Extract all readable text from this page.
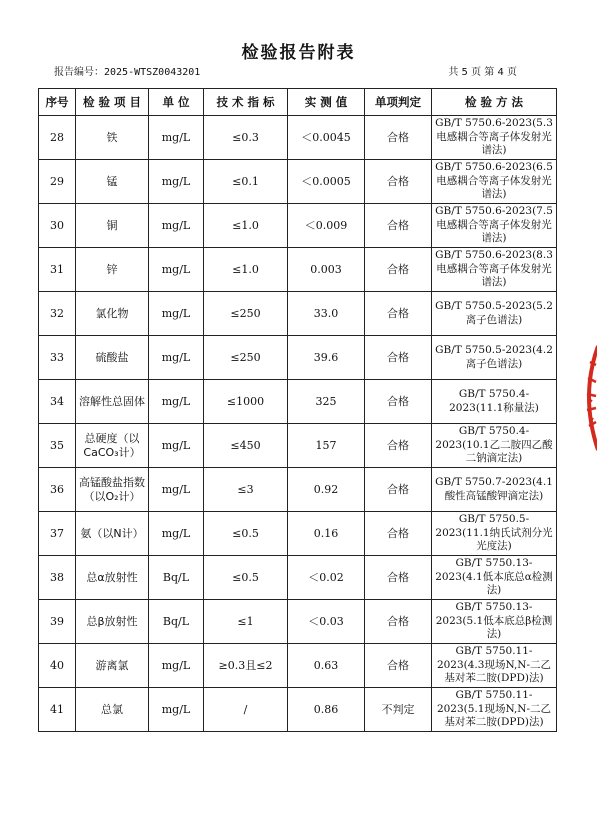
检验报告附表
报告编号：2025-WTSZ0043201	共 5 页 第 4 页
序号	检 验 项 目	单 位	技 术 指 标	实 测 值	单项判定	检 验 方 法
28	铁	mg/L	≤0.3	＜0.0045	合格	GB/T 5750.6-2023(5.3电感耦合等离子体发射光谱法)
29	锰	mg/L	≤0.1	＜0.0005	合格	GB/T 5750.6-2023(6.5电感耦合等离子体发射光谱法)
30	铜	mg/L	≤1.0	＜0.009	合格	GB/T 5750.6-2023(7.5电感耦合等离子体发射光谱法)
31	锌	mg/L	≤1.0	0.003	合格	GB/T 5750.6-2023(8.3电感耦合等离子体发射光谱法)
32	氯化物	mg/L	≤250	33.0	合格	GB/T 5750.5-2023(5.2离子色谱法)
33	硫酸盐	mg/L	≤250	39.6	合格	GB/T 5750.5-2023(4.2离子色谱法)
34	溶解性总固体	mg/L	≤1000	325	合格	GB/T 5750.4-2023(11.1称量法)
35	总硬度（以CaCO₃计）	mg/L	≤450	157	合格	GB/T 5750.4-2023(10.1乙二胺四乙酸二钠滴定法)
36	高锰酸盐指数（以O₂计）	mg/L	≤3	0.92	合格	GB/T 5750.7-2023(4.1酸性高锰酸钾滴定法)
37	氨（以N计）	mg/L	≤0.5	0.16	合格	GB/T 5750.5-2023(11.1纳氏试剂分光光度法)
38	总α放射性	Bq/L	≤0.5	＜0.02	合格	GB/T 5750.13-2023(4.1低本底总α检测法)
39	总β放射性	Bq/L	≤1	＜0.03	合格	GB/T 5750.13-2023(5.1低本底总β检测法)
40	游离氯	mg/L	≥0.3且≤2	0.63	合格	GB/T 5750.11-2023(4.3现场N,N-二乙基对苯二胺(DPD)法)
41	总氯	mg/L	/	0.86	不判定	GB/T 5750.11-2023(5.1现场N,N-二乙基对苯二胺(DPD)法)
